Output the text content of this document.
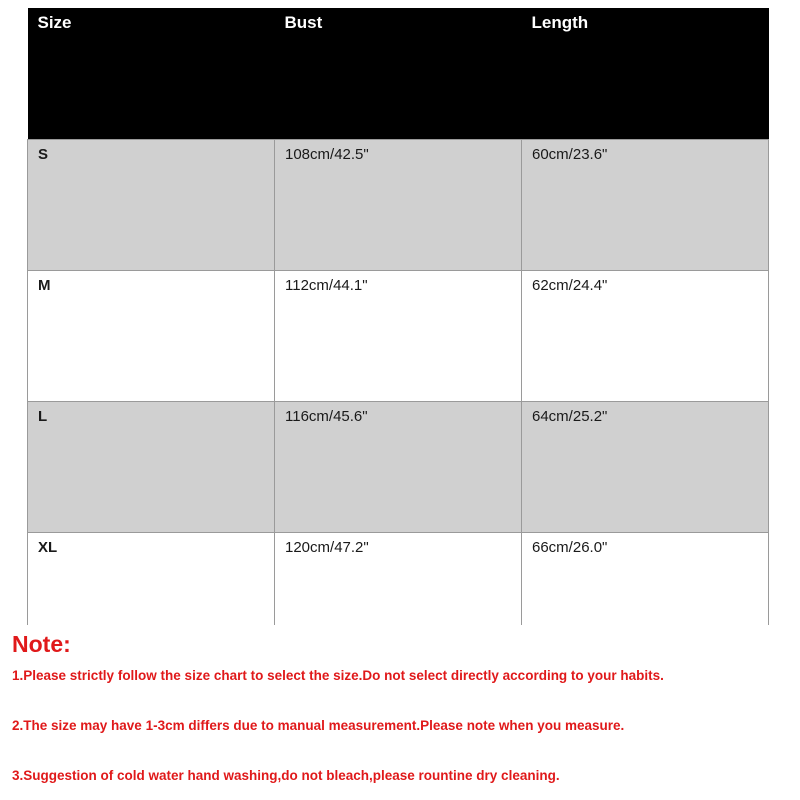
Size	Bust	Length
S	108cm/42.5"	60cm/23.6"
M	112cm/44.1"	62cm/24.4"
L	116cm/45.6"	64cm/25.2"
XL	120cm/47.2"	66cm/26.0"
Note:

1.Please strictly follow the size chart to select the size.Do not select directly according to your habits.

2.The size may have 1-3cm differs due to manual measurement.Please note when you measure.

3.Suggestion of cold water hand washing,do not bleach,please rountine dry cleaning.
